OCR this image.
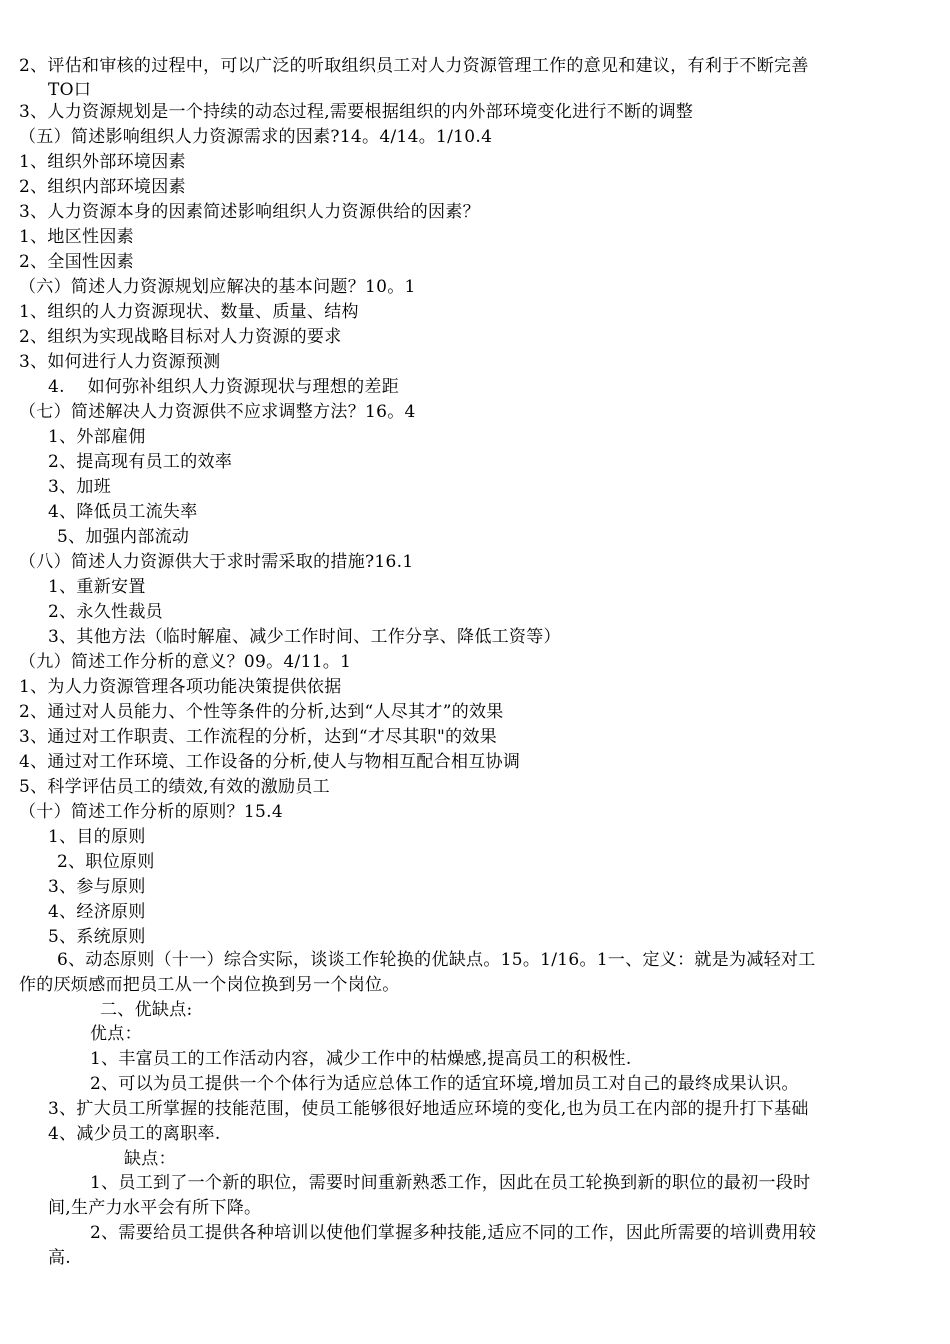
2、评估和审核的过程中，可以广泛的听取组织员工对人力资源管理工作的意见和建议，有利于不断完善
TO口
3、人力资源规划是一个持续的动态过程,需要根据组织的内外部环境变化进行不断的调整
（五）简述影响组织人力资源需求的因素?14。4/14。1/10.4
1、组织外部环境因素
2、组织内部环境因素
3、人力资源本身的因素简述影响组织人力资源供给的因素？
1、地区性因素
2、全国性因素
（六）简述人力资源规划应解决的基本问题？10。1
1、组织的人力资源现状、数量、质量、结构
2、组织为实现战略目标对人力资源的要求
3、如何进行人力资源预测
4.    如何弥补组织人力资源现状与理想的差距
（七）简述解决人力资源供不应求调整方法？16。4
1、外部雇佣
2、提高现有员工的效率
3、加班
4、降低员工流失率
5、加强内部流动
（八）简述人力资源供大于求时需采取的措施?16.1
1、重新安置
2、永久性裁员
3、其他方法（临时解雇、减少工作时间、工作分享、降低工资等）
（九）简述工作分析的意义？09。4/11。1
1、为人力资源管理各项功能决策提供依据
2、通过对人员能力、个性等条件的分析,达到“人尽其才”的效果
3、通过对工作职责、工作流程的分析，达到“才尽其职"的效果
4、通过对工作环境、工作设备的分析,使人与物相互配合相互协调
5、科学评估员工的绩效,有效的激励员工
（十）简述工作分析的原则？15.4
1、目的原则
2、职位原则
3、参与原则
4、经济原则
5、系统原则
6、动态原则（十一）综合实际，谈谈工作轮换的优缺点。15。1/16。1一、定义：就是为减轻对工
作的厌烦感而把员工从一个岗位换到另一个岗位。
二、优缺点:
优点：
1、丰富员工的工作活动内容，减少工作中的枯燥感,提高员工的积极性.
2、可以为员工提供一个个体行为适应总体工作的适宜环境,增加员工对自己的最终成果认识。
3、扩大员工所掌握的技能范围，使员工能够很好地适应环境的变化,也为员工在内部的提升打下基础
4、减少员工的离职率.
缺点：
1、员工到了一个新的职位，需要时间重新熟悉工作，因此在员工轮换到新的职位的最初一段时
间,生产力水平会有所下降。
2、需要给员工提供各种培训以使他们掌握多种技能,适应不同的工作，因此所需要的培训费用较
高.
